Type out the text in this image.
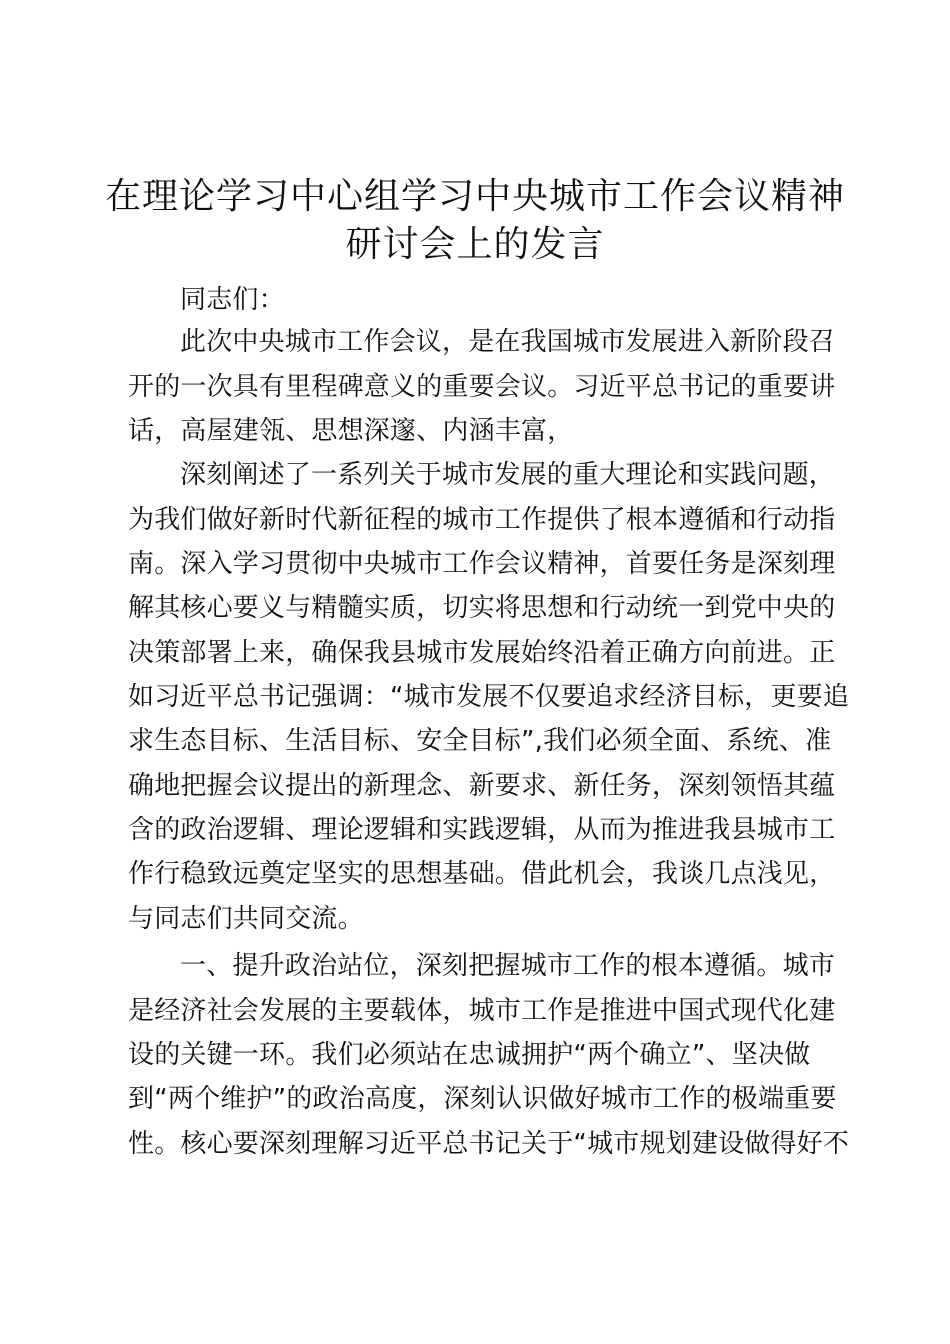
在理论学习中心组学习中央城市工作会议精神
研讨会上的发言
同志们：
此次中央城市工作会议，是在我国城市发展进入新阶段召
开的一次具有里程碑意义的重要会议。习近平总书记的重要讲
话，高屋建瓴、思想深邃、内涵丰富，
深刻阐述了一系列关于城市发展的重大理论和实践问题，
为我们做好新时代新征程的城市工作提供了根本遵循和行动指
南。深入学习贯彻中央城市工作会议精神，首要任务是深刻理
解其核心要义与精髓实质，切实将思想和行动统一到党中央的
决策部署上来，确保我县城市发展始终沿着正确方向前进。正
如习近平总书记强调：“城市发展不仅要追求经济目标，更要追
求生态目标、生活目标、安全目标”,我们必须全面、系统、准
确地把握会议提出的新理念、新要求、新任务，深刻领悟其蕴
含的政治逻辑、理论逻辑和实践逻辑，从而为推进我县城市工
作行稳致远奠定坚实的思想基础。借此机会，我谈几点浅见，
与同志们共同交流。
一、提升政治站位，深刻把握城市工作的根本遵循。城市
是经济社会发展的主要载体，城市工作是推进中国式现代化建
设的关键一环。我们必须站在忠诚拥护“两个确立”、坚决做
到“两个维护”的政治高度，深刻认识做好城市工作的极端重要
性。核心要深刻理解习近平总书记关于“城市规划建设做得好不
